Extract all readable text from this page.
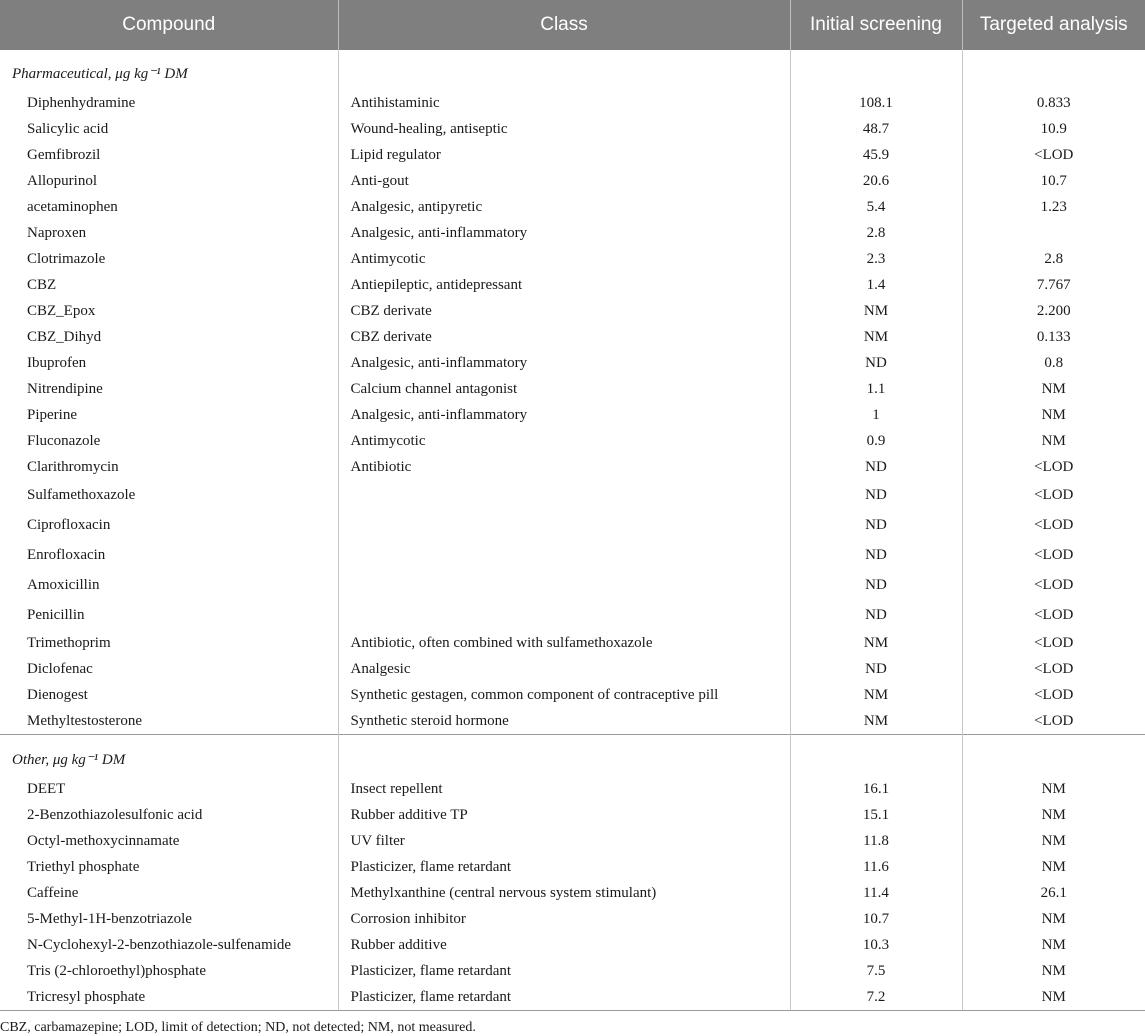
Compound	Class	Initial screening	Targeted analysis
Pharmaceutical, μg kg⁻¹ DM			
Diphenhydramine	Antihistaminic	108.1	0.833
Salicylic acid	Wound-healing, antiseptic	48.7	10.9
Gemfibrozil	Lipid regulator	45.9	<LOD
Allopurinol	Anti-gout	20.6	10.7
acetaminophen	Analgesic, antipyretic	5.4	1.23
Naproxen	Analgesic, anti-inflammatory	2.8	
Clotrimazole	Antimycotic	2.3	2.8
CBZ	Antiepileptic, antidepressant	1.4	7.767
CBZ_Epox	CBZ derivate	NM	2.200
CBZ_Dihyd	CBZ derivate	NM	0.133
Ibuprofen	Analgesic, anti-inflammatory	ND	0.8
Nitrendipine	Calcium channel antagonist	1.1	NM
Piperine	Analgesic, anti-inflammatory	1	NM
Fluconazole	Antimycotic	0.9	NM
Clarithromycin	Antibiotic	ND	<LOD
Sulfamethoxazole		ND	<LOD
Ciprofloxacin		ND	<LOD
Enrofloxacin		ND	<LOD
Amoxicillin		ND	<LOD
Penicillin		ND	<LOD
Trimethoprim	Antibiotic, often combined with sulfamethoxazole	NM	<LOD
Diclofenac	Analgesic	ND	<LOD
Dienogest	Synthetic gestagen, common component of contraceptive pill	NM	<LOD
Methyltestosterone	Synthetic steroid hormone	NM	<LOD
Other, μg kg⁻¹ DM			
DEET	Insect repellent	16.1	NM
2-Benzothiazolesulfonic acid	Rubber additive TP	15.1	NM
Octyl-methoxycinnamate	UV filter	11.8	NM
Triethyl phosphate	Plasticizer, flame retardant	11.6	NM
Caffeine	Methylxanthine (central nervous system stimulant)	11.4	26.1
5-Methyl-1H-benzotriazole	Corrosion inhibitor	10.7	NM
N-Cyclohexyl-2-benzothiazole-sulfenamide	Rubber additive	10.3	NM
Tris (2-chloroethyl)phosphate	Plasticizer, flame retardant	7.5	NM
Tricresyl phosphate	Plasticizer, flame retardant	7.2	NM
CBZ, carbamazepine; LOD, limit of detection; ND, not detected; NM, not measured.
